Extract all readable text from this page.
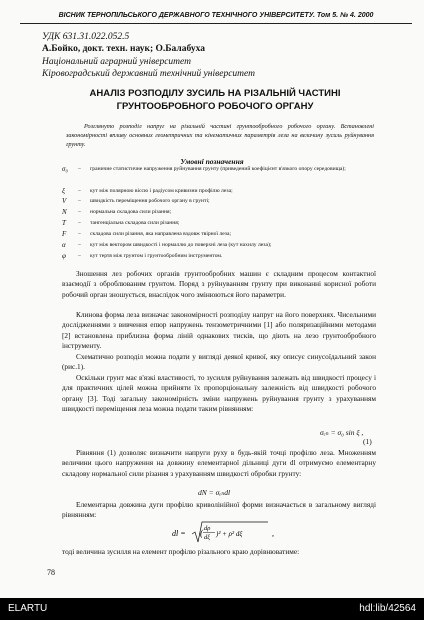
ВІСНИК ТЕРНОПІЛЬСЬКОГО ДЕРЖАВНОГО ТЕХНІЧНОГО УНІВЕРСИТЕТУ. Том 5. № 4. 2000
УДК 631.31.022.052.5
А.Бойко, докт. техн. наук; О.Балабуха
Національний аграрний університет
Кіровоградський державний технічний університет
АНАЛІЗ РОЗПОДІЛУ ЗУСИЛЬ НА РІЗАЛЬНІЙ ЧАСТИНІ
ГРУНТООБРОБНОГО РОБОЧОГО ОРГАНУ
Розглянуто розподіл напруг на різальній частині грунтообробного робочого органу. Встановлені закономірності впливу основних геометричних та кінематичних параметрів леза на величину зусиль руйнування грунту.
Умовні позначення
σ₀	–	граничне статистичне напруження руйнування грунту (приведений коефіцієнт в'язкого опору середовища);
ξ	–	кут між полярною віссю і радіусом кривизни профілю леза;
V	–	швидкість переміщення робочого органу в грунті;
N	–	нормальна складова сили різання;
T	–	тангенціальна складова сили різання;
F	–	складова сили різання, яка направлена вздовж твірної леза;
α	–	кут між вектором швидкості і нормаллю до поверхні леза (кут нахилу леза);
φ	–	кут тертя між грунтом і грунтообробним інструментом.
Зношення лез робочих органів грунтообробних машин є складним процесом контактної взаємодії з оброблюваним грунтом. Поряд з руйнуванням грунту при виконанні корисної роботи робочий орган зношується, внаслідок чого змінюються його параметри.
Клинова форма леза визначає закономірності розподілу напруг на його поверхнях. Чисельними дослідженнями з вивчення епюр напружень тензометричними [1] або поляризаційними методами [2] встановлена приблизна форма ліній однакових тисків, що діють на лезо грунтообробного інструменту.
Схематично розподіл можна подати у вигляді деякої кривої, яку описує синусоїдальний закон (рис.1).
Оскільки грунт має в'язкі властивості, то зусилля руйнування залежать від швидкості процесу і для практичних цілей можна прийняти їх пропорціональну залежність від швидкості робочого органу [3]. Тоді загальну закономірність зміни напружень руйнування грунту з урахуванням швидкості переміщення леза можна подати таким рівнянням:
σₑₙ = σ₀ sin ξ ,
(1)
Рівняння (1) дозволяє визначити напруги руху в будь-якій точці профілю леза. Множенням величини цього напруження на довжину елементарної дільниці дуги dl отримуємо елементарну складову нормальної сили різання з урахуванням швидкості обробки грунту:
dN = σₑₙdl
Елементарна довжина дуги профілю криволінійної форми визначається в загальному вигляді рівнянням:
dl =
dρ
dξ )² + ρ² dξ
(	,
тоді величина зусилля на елемент профілю різального краю дорівнюватиме:
78
ELARTU	hdl:lib/42564
